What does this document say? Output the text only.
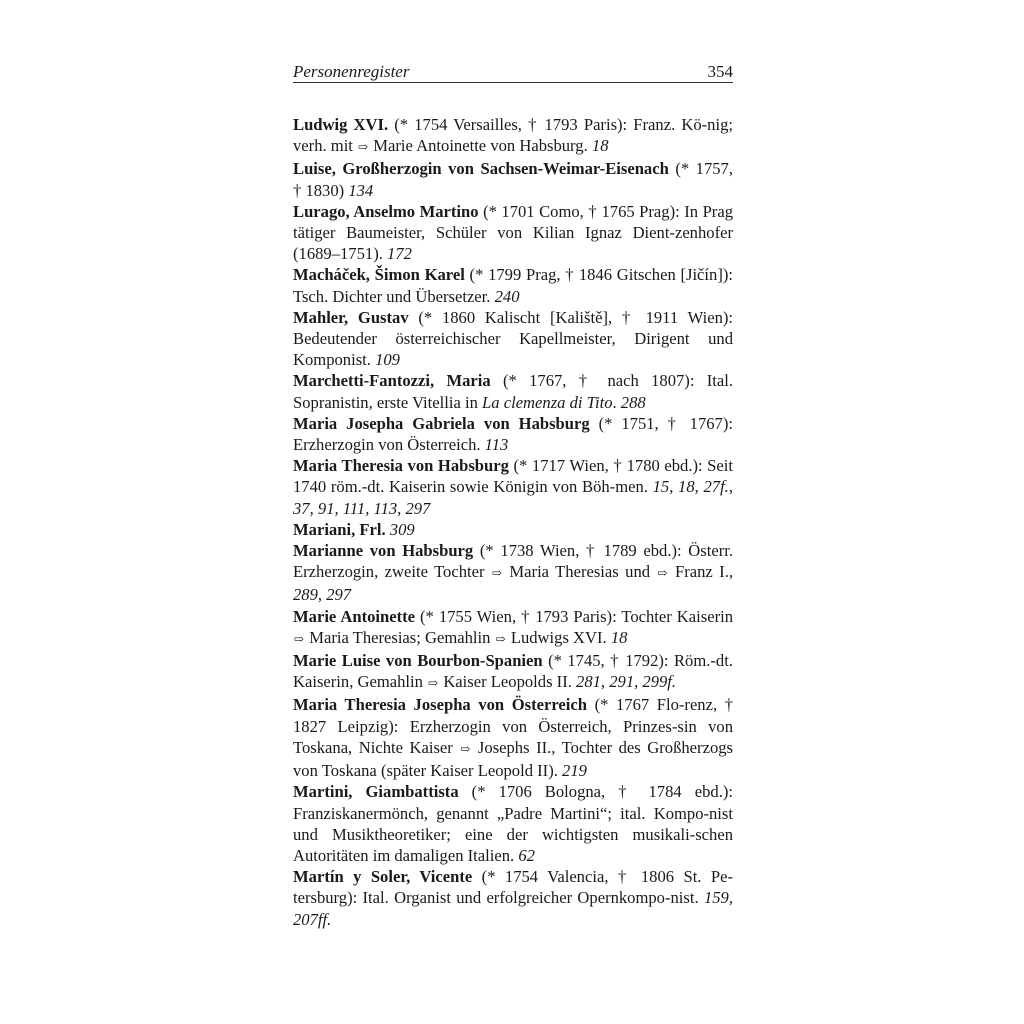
Personenregister	354
Ludwig XVI. (* 1754 Versailles, † 1793 Paris): Franz. Kö-nig; verh. mit ⇨ Marie Antoinette von Habsburg. 18
Luise, Großherzogin von Sachsen-Weimar-Eisenach (* 1757, † 1830) 134
Lurago, Anselmo Martino (* 1701 Como, † 1765 Prag): In Prag tätiger Baumeister, Schüler von Kilian Ignaz Dient-zenhofer (1689–1751). 172
Macháček, Šimon Karel (* 1799 Prag, † 1846 Gitschen [Jičín]): Tsch. Dichter und Übersetzer. 240
Mahler, Gustav (* 1860 Kalischt [Kaliště], † 1911 Wien): Bedeutender österreichischer Kapellmeister, Dirigent und Komponist. 109
Marchetti-Fantozzi, Maria (* 1767, † nach 1807): Ital. Sopranistin, erste Vitellia in La clemenza di Tito. 288
Maria Josepha Gabriela von Habsburg (* 1751, † 1767): Erzherzogin von Österreich. 113
Maria Theresia von Habsburg (* 1717 Wien, † 1780 ebd.): Seit 1740 röm.-dt. Kaiserin sowie Königin von Böh-men. 15, 18, 27f., 37, 91, 111, 113, 297
Mariani, Frl. 309
Marianne von Habsburg (* 1738 Wien, † 1789 ebd.): Österr. Erzherzogin, zweite Tochter ⇨ Maria Theresias und ⇨ Franz I., 289, 297
Marie Antoinette (* 1755 Wien, † 1793 Paris): Tochter Kaiserin ⇨ Maria Theresias; Gemahlin ⇨ Ludwigs XVI. 18
Marie Luise von Bourbon-Spanien (* 1745, † 1792): Röm.-dt. Kaiserin, Gemahlin ⇨ Kaiser Leopolds II. 281, 291, 299f.
Maria Theresia Josepha von Österreich (* 1767 Flo-renz, † 1827 Leipzig): Erzherzogin von Österreich, Prinzes-sin von Toskana, Nichte Kaiser ⇨ Josephs II., Tochter des Großherzogs von Toskana (später Kaiser Leopold II). 219
Martini, Giambattista (* 1706 Bologna, † 1784 ebd.): Franziskanermönch, genannt „Padre Martini“; ital. Kompo-nist und Musiktheoretiker; eine der wichtigsten musikali-schen Autoritäten im damaligen Italien. 62
Martín y Soler, Vicente (* 1754 Valencia, † 1806 St. Pe-tersburg): Ital. Organist und erfolgreicher Opernkompo-nist. 159, 207ff.
